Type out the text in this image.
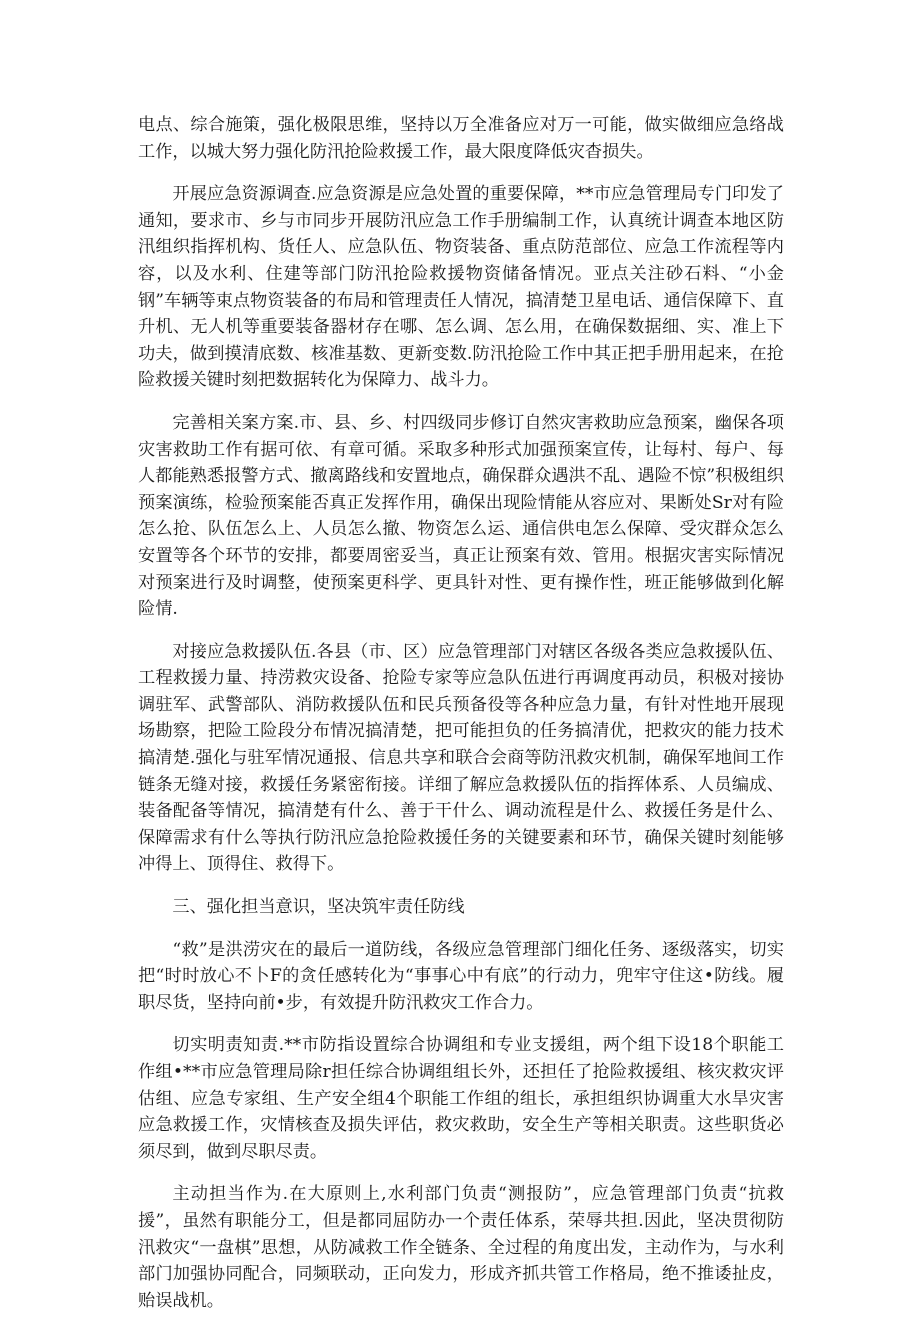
电点、综合施策，强化极限思维，坚持以万全准备应对万一可能，做实做细应急络战工作，以城大努力强化防汛抢险救援工作，最大限度降低灾杳损失。

开展应急资源调查.应急资源是应急处置的重要保障，**市应急管理局专门印发了通知，要求市、乡与市同步开展防汛应急工作手册编制工作，认真统计调查本地区防汛组织指挥机构、货任人、应急队伍、物资装备、重点防范部位、应急工作流程等内容，以及水利、住建等部门防汛抢险救援物资储备情况。亚点关注砂石料、“小金钢”车辆等束点物资装备的布局和管理责任人情况，搞清楚卫星电话、通信保障下、直升机、无人机等重要装备器材存在哪、怎么调、怎么用，在确保数据细、实、准上下功夫，做到摸清底数、核准基数、更新变数.防汛抢险工作中其正把手册用起来，在抢险救援关键时刻把数据转化为保障力、战斗力。

完善相关案方案.市、县、乡、村四级同步修订自然灾害救助应急预案，幽保各项灾害救助工作有据可依、有章可循。采取多种形式加强预案宣传，让每村、每户、每人都能熟悉报警方式、撤离路线和安置地点，确保群众遇洪不乱、遇险不惊”积极组织预案演练，检验预案能否真正发挥作用，确保出现险情能从容应对、果断处Sr对有险怎么抢、队伍怎么上、人员怎么撤、物资怎么运、通信供电怎么保障、受灾群众怎么安置等各个环节的安排，都要周密妥当，真正让预案有效、管用。根据灾害实际情况对预案进行及时调整，使预案更科学、更具针对性、更有操作性，班正能够做到化解险情.

对接应急救援队伍.各县（市、区）应急管理部门对辖区各级各类应急救援队伍、工程救援力量、持涝救灾设备、抢险专家等应急队伍进行再调度再动员，积极对接协调驻军、武警部队、消防救援队伍和民兵预备役等各种应急力量，有针对性地开展现场勘察，把险工险段分布情况搞清楚，把可能担负的任务搞清优，把救灾的能力技术搞清楚.强化与驻军情况通报、信息共享和联合会商等防汛救灾机制，确保军地间工作链条无缝对接，救援任务紧密衔接。详细了解应急救援队伍的指挥体系、人员编成、装备配备等情况，搞清楚有什么、善于干什么、调动流程是什么、救援任务是什么、保障需求有什么等执行防汛应急抢险救援任务的关键要素和环节，确保关键时刻能够冲得上、顶得住、救得下。

三、强化担当意识，坚决筑牢责任防线

“救”是洪涝灾在的最后一道防线，各级应急管理部门细化任务、逐级落实，切实把“时时放心不卜F的贪任感转化为“事事心中有底”的行动力，兜牢守住这•防线。履职尽货，坚持向前•步，有效提升防汛救灾工作合力。

切实明责知责.**市防指设置综合协调组和专业支援组，两个组下设18个职能工作组•**市应急管理局除r担任综合协调组组长外，还担任了抢险救援组、核灾救灾评估组、应急专家组、生产安全组4个职能工作组的组长，承担组织协调重大水旱灾害应急救援工作，灾情核查及损失评估，救灾救助，安全生产等相关职责。这些职货必须尽到，做到尽职尽责。

主动担当作为.在大原则上,水利部门负责“测报防”，应急管理部门负责“抗救援”，虽然有职能分工，但是都同屈防办一个责任体系，荣辱共担.因此，坚决贯彻防汛救灾“一盘棋”思想，从防减救工作全链条、全过程的角度出发，主动作为，与水利部门加强协同配合，同频联动，正向发力，形成齐抓共管工作格局，绝不推诿扯皮，贻误战机。
